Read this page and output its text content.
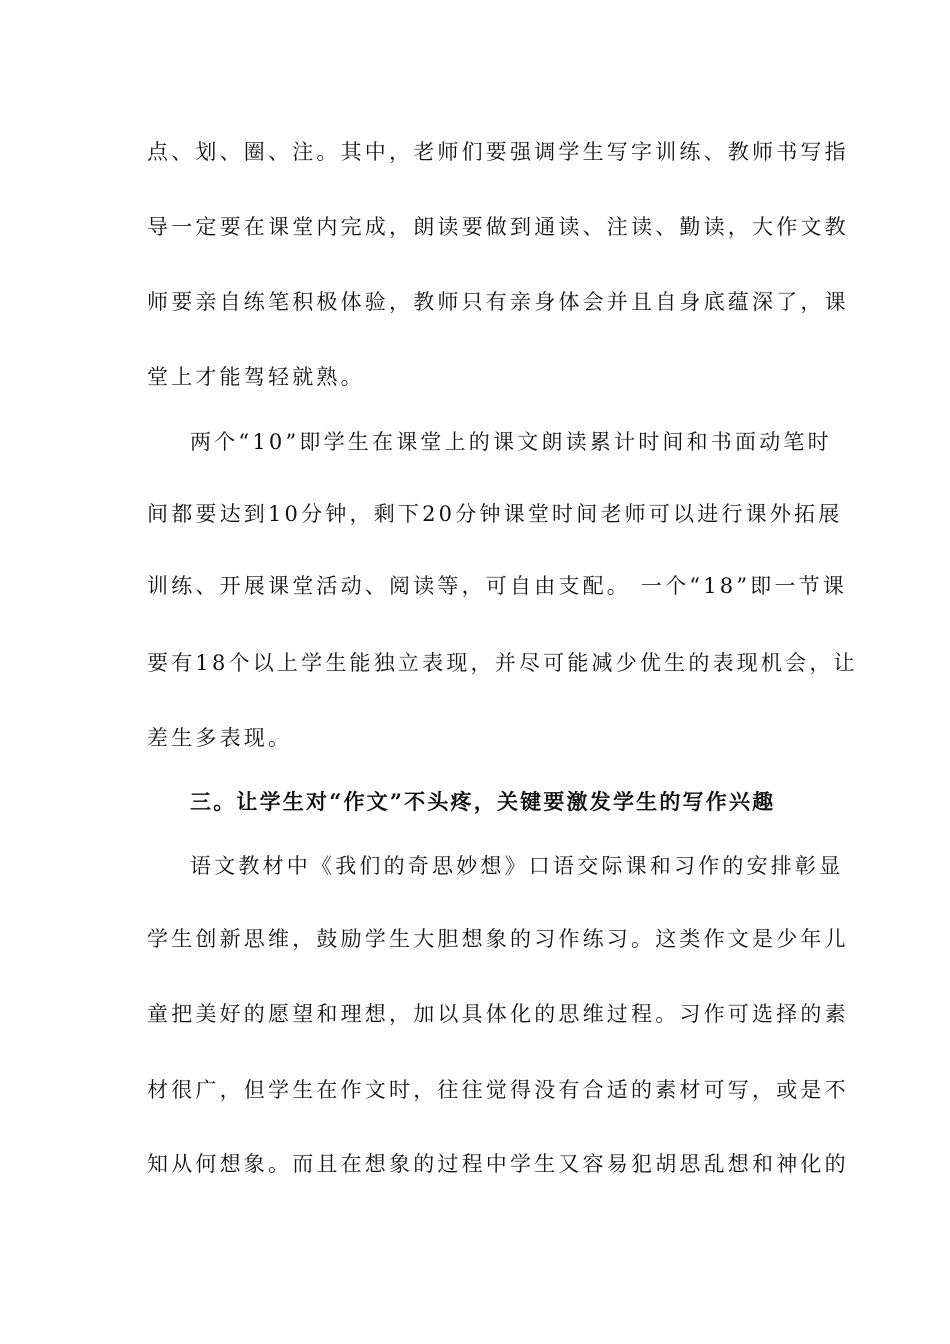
点、划、圈、注。其中，老师们要强调学生写字训练、教师书写指
导一定要在课堂内完成，朗读要做到通读、注读、勤读，大作文教
师要亲自练笔积极体验，教师只有亲身体会并且自身底蕴深了，课
堂上才能驾轻就熟。
两个“10”即学生在课堂上的课文朗读累计时间和书面动笔时
间都要达到10分钟，剩下20分钟课堂时间老师可以进行课外拓展
训练、开展课堂活动、阅读等，可自由支配。 一个“18”即一节课
要有18个以上学生能独立表现，并尽可能减少优生的表现机会，让
差生多表现。
三。让学生对“作文”不头疼，关键要激发学生的写作兴趣
语文教材中《我们的奇思妙想》口语交际课和习作的安排彰显
学生创新思维，鼓励学生大胆想象的习作练习。这类作文是少年儿
童把美好的愿望和理想，加以具体化的思维过程。习作可选择的素
材很广，但学生在作文时，往往觉得没有合适的素材可写，或是不
知从何想象。而且在想象的过程中学生又容易犯胡思乱想和神化的
